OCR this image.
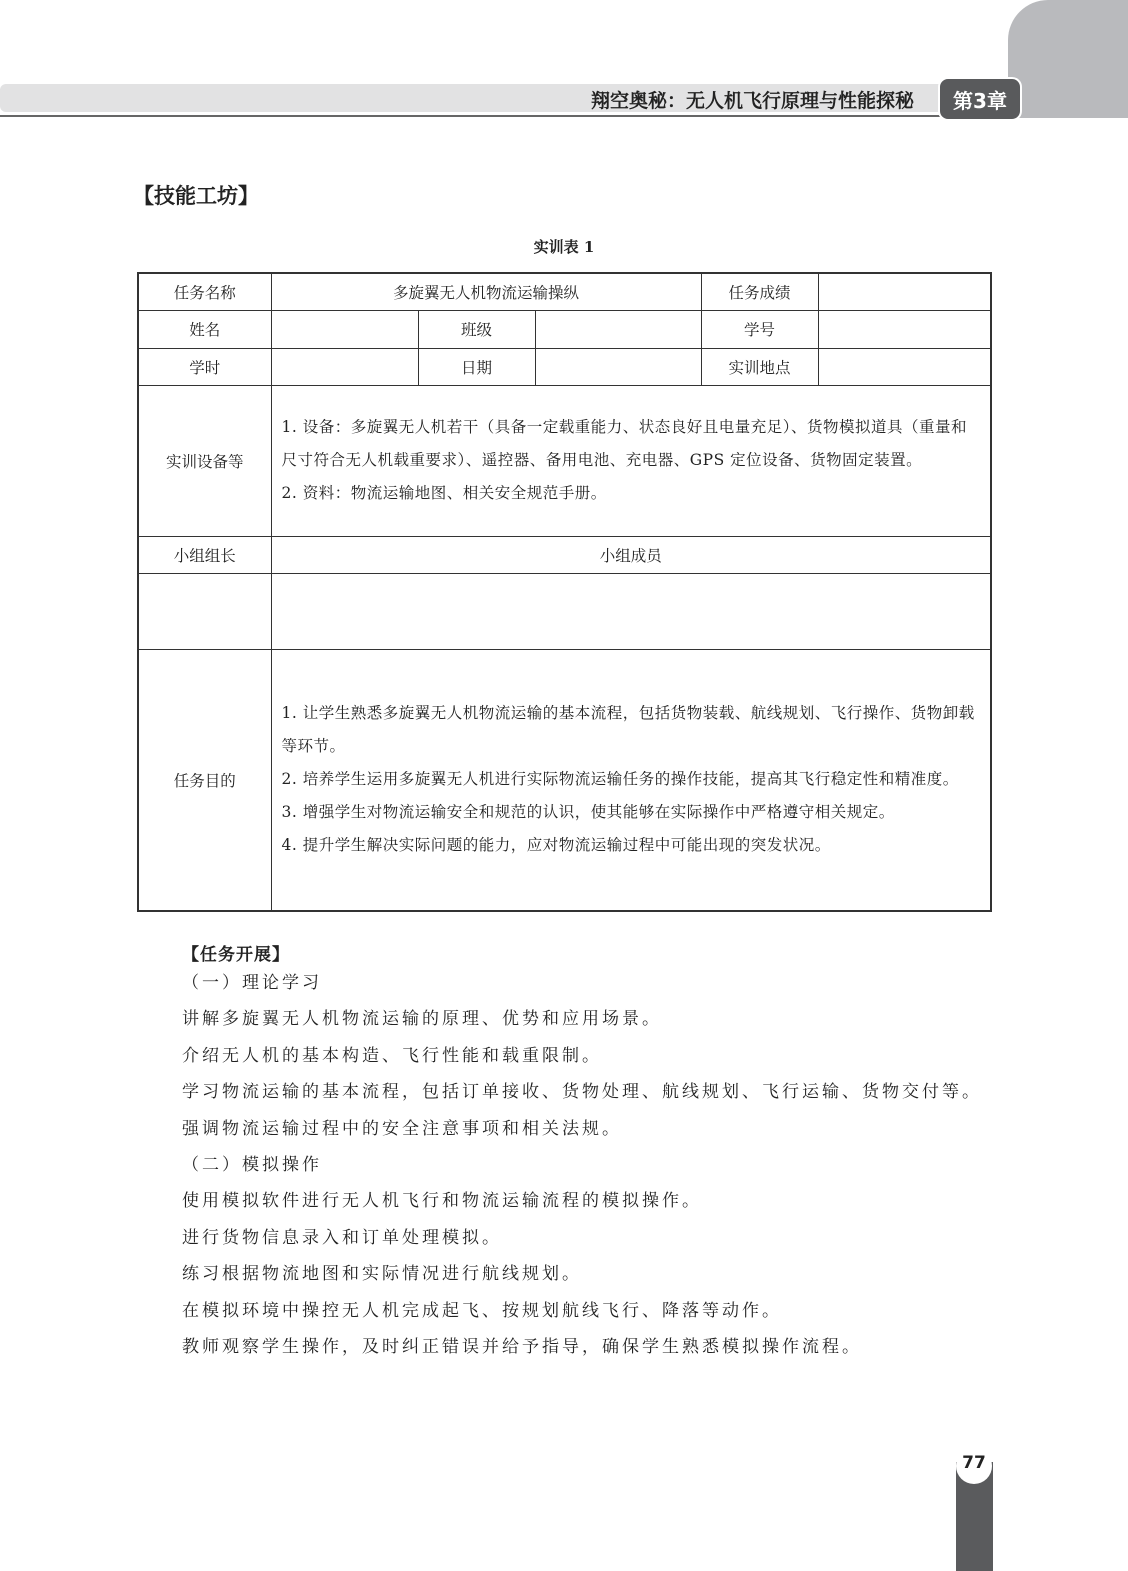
翔空奥秘：无人机飞行原理与性能探秘	第3章
【技能工坊】
实训表 1
任务名称	多旋翼无人机物流运输操纵			任务成绩	
姓名		班级		学号	
学时		日期		实训地点	
实训设备等	1. 设备：多旋翼无人机若干（具备一定载重能力、状态良好且电量充足）、货物模拟道具（重量和尺寸符合无人机载重要求）、遥控器、备用电池、充电器、GPS 定位设备、货物固定装置。
2. 资料：物流运输地图、相关安全规范手册。				

小组组长	小组成员				

任务目的	1. 让学生熟悉多旋翼无人机物流运输的基本流程，包括货物装载、航线规划、飞行操作、货物卸载等环节。
2. 培养学生运用多旋翼无人机进行实际物流运输任务的操作技能，提高其飞行稳定性和精准度。
3. 增强学生对物流运输安全和规范的认识，使其能够在实际操作中严格遵守相关规定。
4. 提升学生解决实际问题的能力，应对物流运输过程中可能出现的突发状况。				

【任务开展】

（一）理论学习

讲解多旋翼无人机物流运输的原理、优势和应用场景。

介绍无人机的基本构造、飞行性能和载重限制。

学习物流运输的基本流程，包括订单接收、货物处理、航线规划、飞行运输、货物交付等。

强调物流运输过程中的安全注意事项和相关法规。

（二）模拟操作

使用模拟软件进行无人机飞行和物流运输流程的模拟操作。

进行货物信息录入和订单处理模拟。

练习根据物流地图和实际情况进行航线规划。

在模拟环境中操控无人机完成起飞、按规划航线飞行、降落等动作。

教师观察学生操作，及时纠正错误并给予指导，确保学生熟悉模拟操作流程。

77
